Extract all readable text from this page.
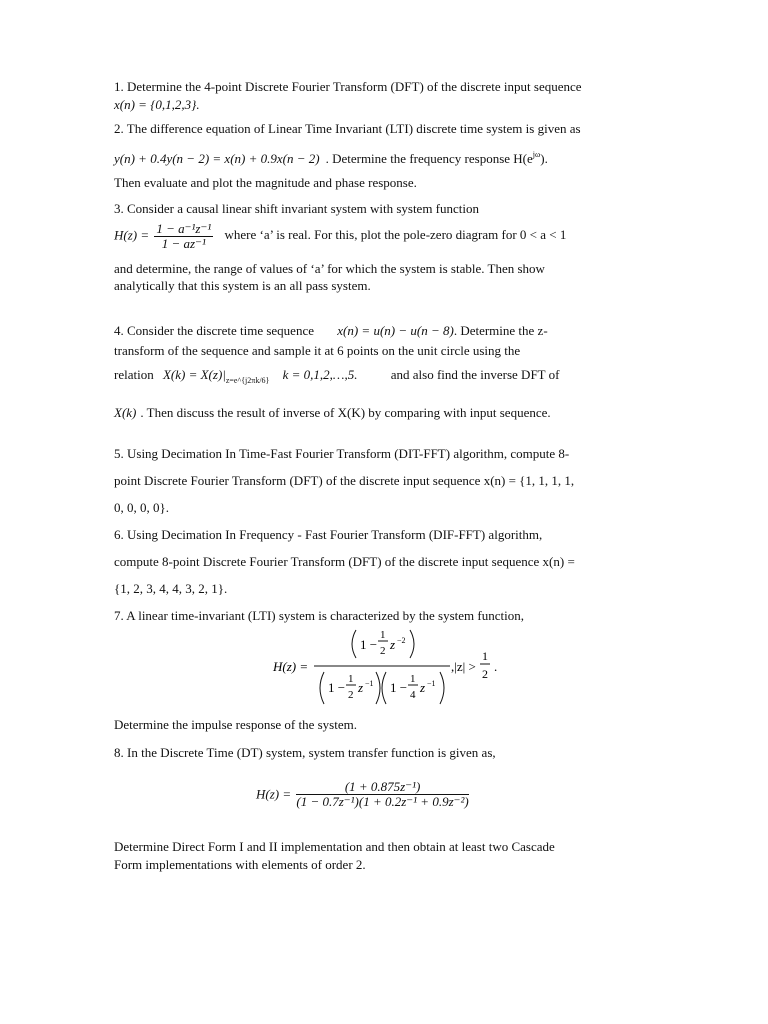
1. Determine the 4-point Discrete Fourier Transform (DFT) of the discrete input sequence
x(n) = {0,1,2,3}.
2. The difference equation of Linear Time Invariant (LTI) discrete time system is given as
y(n) + 0.4y(n − 2) = x(n) + 0.9x(n − 2) . Determine the frequency response $H(e^{j\omega})$.
Then evaluate and plot the magnitude and phase response.
3. Consider a causal linear shift invariant system with system function
$H(z) = \frac{\text{1 − a⁻¹z⁻¹}}{\text{1 − az⁻¹}}$ where ‘a’ is real. For this, plot the pole-zero diagram for 0 < a < 1
and determine, the range of values of ‘a’ for which the system is stable. Then show
analytically that this system is an all pass system.
4. Consider the discrete time sequence x(n) = u(n) − u(n − 8). Determine the z-
transform of the sequence and sample it at 6 points on the unit circle using the
relation $X(k) = X(z)|_{z=e\^{}\{j2\pi k/6\}}$ k = 0,1,2,…,5.	and also find the inverse DFT of
X(k) . Then discuss the result of inverse of X(K) by comparing with input sequence.
5. Using Decimation In Time-Fast Fourier Transform (DIT-FFT) algorithm, compute 8-
point Discrete Fourier Transform (DFT) of the discrete input sequence x(n) = {1, 1, 1, 1,
0, 0, 0, 0}.
6. Using Decimation In Frequency - Fast Fourier Transform (DIF-FFT) algorithm,
compute 8-point Discrete Fourier Transform (DFT) of the discrete input sequence x(n) =
{1, 2, 3, 4, 4, 3, 2, 1}.
7. A linear time-invariant (LTI) system is characterized by the system function,
H(z) =
1 −
1
2 z −2
1 −
1
2 z −1 1 −
1
4 z −1
,|z| >
1
2 .
Determine the impulse response of the system.
8. In the Discrete Time (DT) system, system transfer function is given as,
$H(z) = \frac{\text{(1 + 0.875z⁻¹)}}{\text{(1 − 0.7z⁻¹)(1 + 0.2z⁻¹ + 0.9z⁻²)}}$
Determine Direct Form I and II implementation and then obtain at least two Cascade
Form implementations with elements of order 2.
